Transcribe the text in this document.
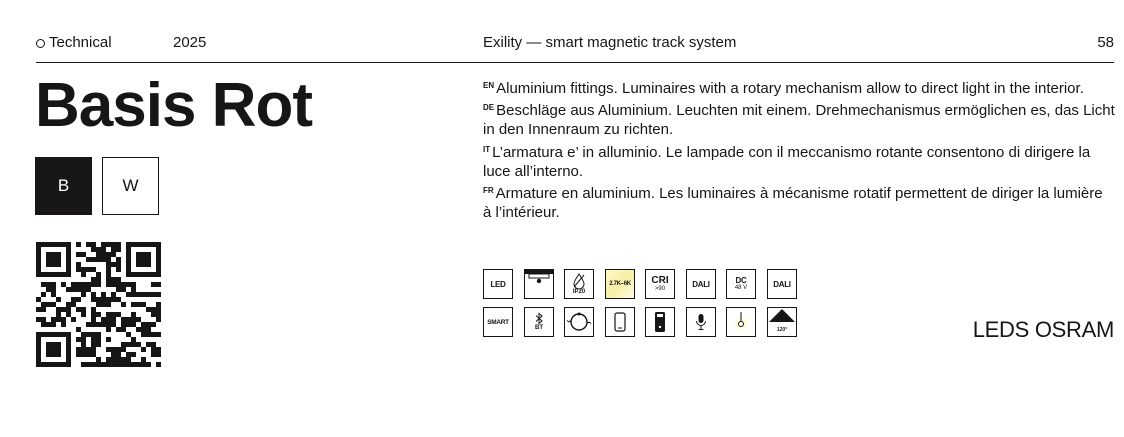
Technical	2025	Exility — smart magnetic track system	58
Basis Rot
B	W
$^{EN}$ Aluminium fittings. Luminaires with a rotary mechanism allow to direct light in the interior.
$^{DE}$ Beschläge aus Aluminium. Leuchten mit einem. Drehmechanismus ermöglichen es, das Licht in den Innenraum zu richten.
$^{IT}$ L’armatura e’ in alluminio. Le lampade con il meccanismo rotante consentono di dirigere la luce all’interno.
$^{FR}$ Armature en aluminium. Les luminaires à mécanisme rotatif permettent de diriger la lumière à l’intérieur.
LED
IP20
2.7K–6K CRI
>90	DALI	DC
48 V	DALI
SMART
BT	120°	LEDS OSRAM
